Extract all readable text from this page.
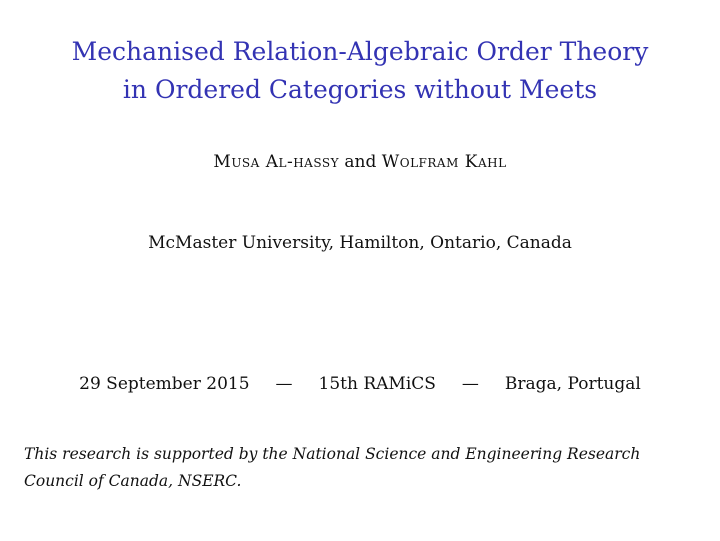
Mechanised Relation-Algebraic Order Theory
in Ordered Categories without Meets

Musa Al-hassy and Wolfram Kahl

McMaster University, Hamilton, Ontario, Canada

29 September 2015 — 15th RAMiCS — Braga, Portugal

This research is supported by the National Science and Engineering Research
Council of Canada, NSERC.
